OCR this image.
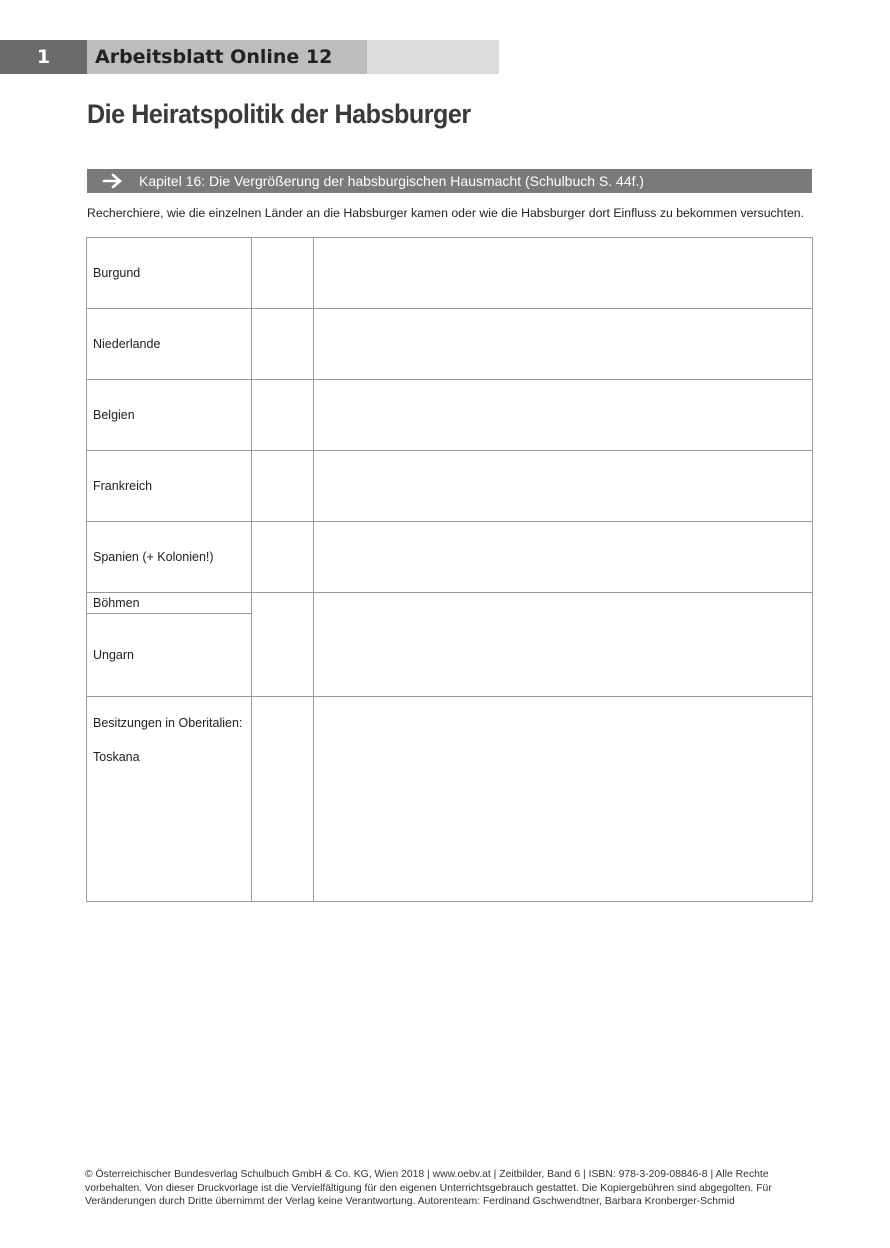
1	Arbeitsblatt Online 12
Die Heiratspolitik der Habsburger
Kapitel 16: Die Vergrößerung der habsburgischen Hausmacht (Schulbuch S. 44f.)
Recherchiere, wie die einzelnen Länder an die Habsburger kamen oder wie die Habsburger dort Einfluss zu bekommen versuchten.
Burgund		

Niederlande		

Belgien		

Frankreich		

Spanien (+ Kolonien!)		

Böhmen		

Ungarn		

Besitzungen in Oberitalien:
Toskana		

© Österreichischer Bundesverlag Schulbuch GmbH & Co. KG, Wien 2018 | www.oebv.at | Zeitbilder, Band 6 | ISBN: 978-3-209-08846-8 | Alle Rechte vorbehalten. Von dieser Druckvorlage ist die Vervielfältigung für den eigenen Unterrichtsgebrauch gestattet. Die Kopiergebühren sind abgegolten. Für Veränderungen durch Dritte übernimmt der Verlag keine Verantwortung. Autorenteam: Ferdinand Gschwendtner, Barbara Kronberger-Schmid
